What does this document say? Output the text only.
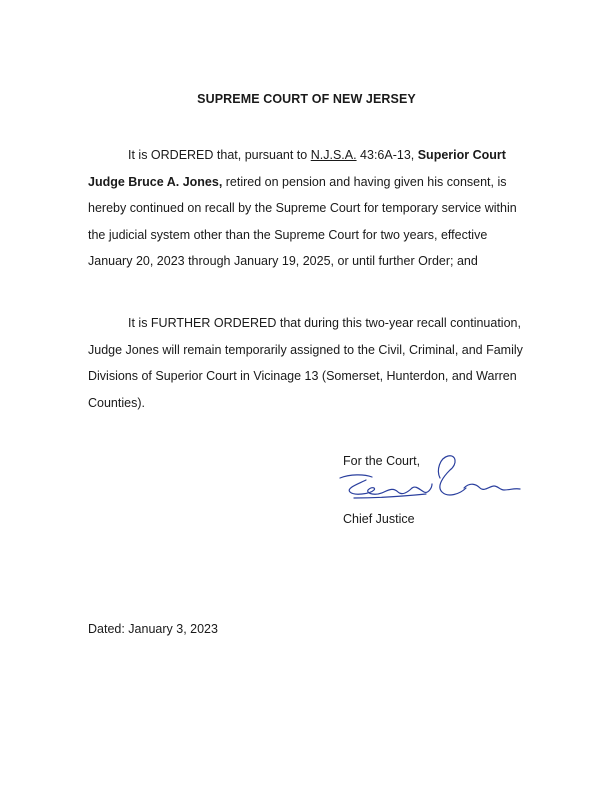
SUPREME COURT OF NEW JERSEY

It is ORDERED that, pursuant to N.J.S.A. 43:6A-13, Superior Court Judge Bruce A. Jones, retired on pension and having given his consent, is hereby continued on recall by the Supreme Court for temporary service within the judicial system other than the Supreme Court for two years, effective January 20, 2023 through January 19, 2025, or until further Order; and

It is FURTHER ORDERED that during this two-year recall continuation, Judge Jones will remain temporarily assigned to the Civil, Criminal, and Family Divisions of Superior Court in Vicinage 13 (Somerset, Hunterdon, and Warren Counties).

For the Court,
Chief Justice
Dated: January 3, 2023
